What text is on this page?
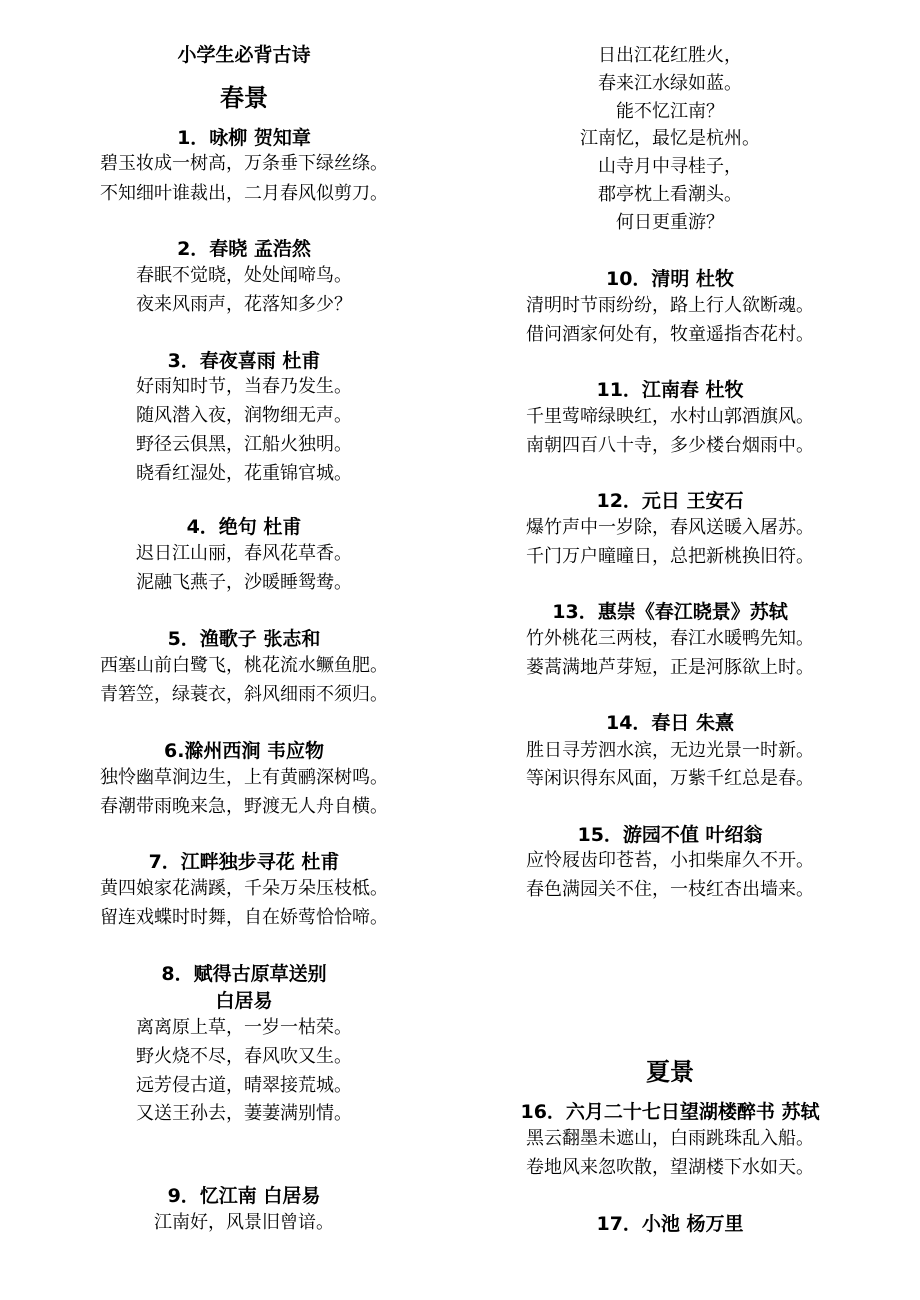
小学生必背古诗
春景
1．咏柳 贺知章
碧玉妆成一树高，万条垂下绿丝绦。
不知细叶谁裁出，二月春风似剪刀。
2．春晓 孟浩然
春眠不觉晓，处处闻啼鸟。
夜来风雨声，花落知多少？
3．春夜喜雨 杜甫
好雨知时节，当春乃发生。
随风潜入夜，润物细无声。
野径云俱黑，江船火独明。
晓看红湿处，花重锦官城。
4．绝句 杜甫
迟日江山丽，春风花草香。
泥融飞燕子，沙暖睡鸳鸯。
5．渔歌子 张志和
西塞山前白鹭飞，桃花流水鳜鱼肥。
青箬笠，绿蓑衣，斜风细雨不须归。
6.滁州西涧 韦应物
独怜幽草涧边生，上有黄鹂深树鸣。
春潮带雨晚来急，野渡无人舟自横。
7．江畔独步寻花 杜甫
黄四娘家花满蹊，千朵万朵压枝柢。
留连戏蝶时时舞，自在娇莺恰恰啼。
8．赋得古原草送别
白居易
离离原上草，一岁一枯荣。
野火烧不尽，春风吹又生。
远芳侵古道，晴翠接荒城。
又送王孙去，萋萋满别情。
9．忆江南 白居易
江南好，风景旧曾谙。
日出江花红胜火，
春来江水绿如蓝。
能不忆江南？
江南忆，最忆是杭州。
山寺月中寻桂子，
郡亭枕上看潮头。
何日更重游？
10．清明 杜牧
清明时节雨纷纷，路上行人欲断魂。
借问酒家何处有，牧童遥指杏花村。
11．江南春 杜牧
千里莺啼绿映红，水村山郭酒旗风。
南朝四百八十寺，多少楼台烟雨中。
12．元日 王安石
爆竹声中一岁除，春风送暖入屠苏。
千门万户曈曈日，总把新桃换旧符。
13．惠崇《春江晓景》苏轼
竹外桃花三两枝，春江水暖鸭先知。
蒌蒿满地芦芽短，正是河豚欲上时。
14．春日 朱熹
胜日寻芳泗水滨，无边光景一时新。
等闲识得东风面，万紫千红总是春。
15．游园不值 叶绍翁
应怜屐齿印苍苔，小扣柴扉久不开。
春色满园关不住，一枝红杏出墙来。
夏景
16．六月二十七日望湖楼醉书 苏轼
黑云翻墨未遮山，白雨跳珠乱入船。
卷地风来忽吹散，望湖楼下水如天。
17．小池 杨万里
